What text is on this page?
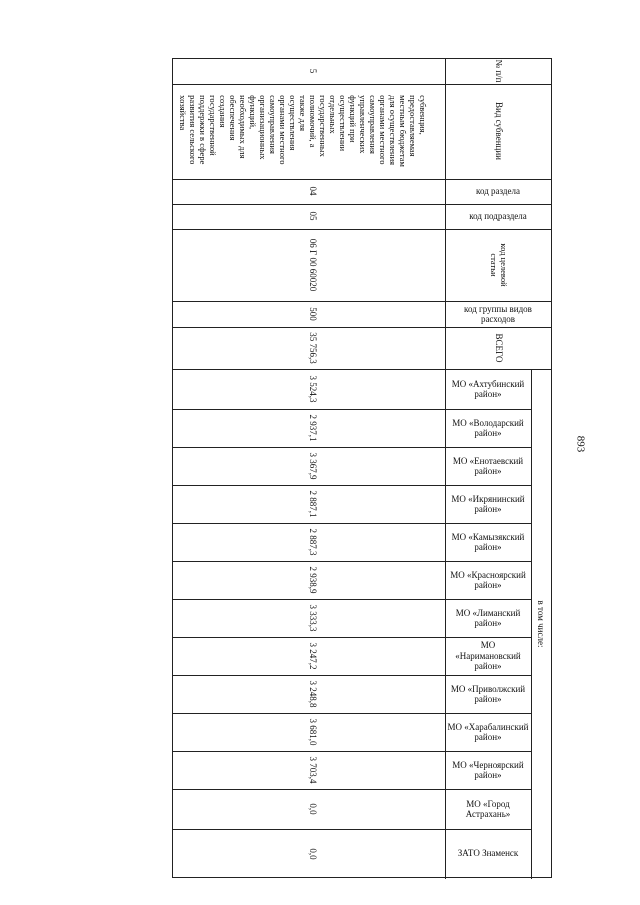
893
№ п/п
Вид субвенции
код раздела
код подраздела
код целевой
статьи
код группы видов расходов
ВСЕГО
МО «Ахтубинский район»
МО «Володарский район»
МО «Енотаевский район»
МО «Икрянинский район»
МО «Камызякский район»
МО «Красноярский район»
МО «Лиманский район»
МО «Наримановский район»
МО «Приволжский район»
МО «Харабалинский район»
МО «Черноярский район»
МО «Город Астрахань»
ЗАТО Знаменск
в том числе:
5
субвенция,
предоставляемая
местным бюджетам
для осуществления
органами местного
самоуправления
управленческих
функций при
осуществлении
отдельных
государственных
полномочий, а
также для
осуществления
органами местного
самоуправления
организационных
функций,
необходимых для
обеспечения
создания
государственной
поддержки в сфере
развития сельского
хозяйства
04
05
06 Г 00 60020
500
35 756,3
3 524,3
2 937,1
3 367,9
2 887,1
2 887,3
2 938,9
3 333,3
3 247,2
3 248,8
3 681,0
3 703,4
0,0
0,0
